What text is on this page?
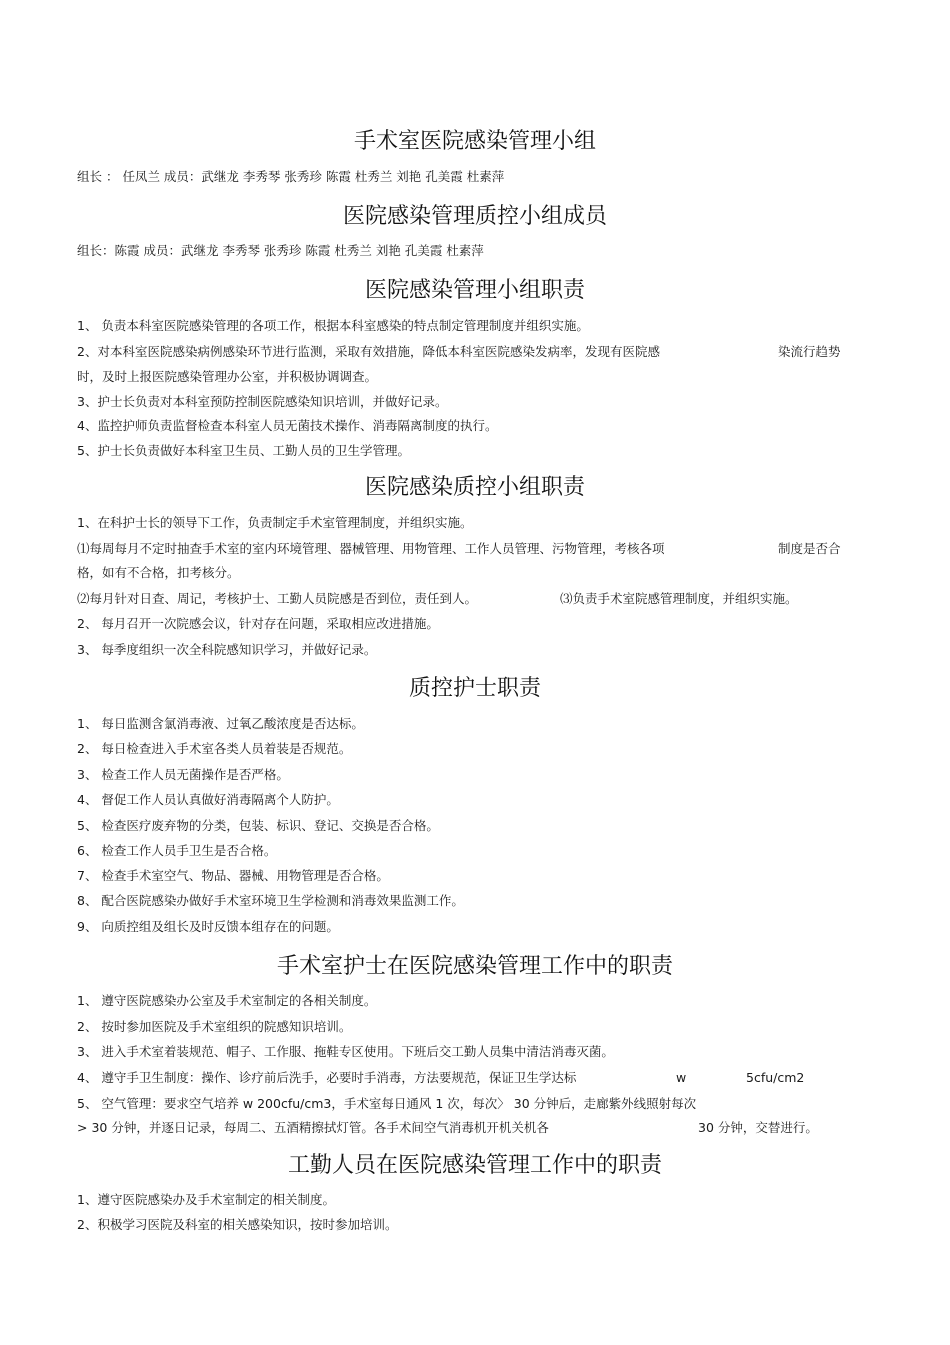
手术室医院感染管理小组
组长 ： 任凤兰 成员：武继龙 李秀琴 张秀珍 陈霞 杜秀兰 刘艳 孔美霞 杜素萍
医院感染管理质控小组成员
组长：陈霞 成员：武继龙 李秀琴 张秀珍 陈霞 杜秀兰 刘艳 孔美霞 杜素萍
医院感染管理小组职责
1、 负责本科室医院感染管理的各项工作，根据本科室感染的特点制定管理制度并组织实施。
2、对本科室医院感染病例感染环节进行监测，采取有效措施，降低本科室医院感染发病率，发现有医院感	染流行趋势
时，及时上报医院感染管理办公室，并积极协调调查。
3、护士长负责对本科室预防控制医院感染知识培训，并做好记录。
4、监控护师负责监督检查本科室人员无菌技术操作、消毒隔离制度的执行。
5、护士长负责做好本科室卫生员、工勤人员的卫生学管理。
医院感染质控小组职责
1、在科护士长的领导下工作，负责制定手术室管理制度，并组织实施。
⑴每周每月不定时抽查手术室的室内环境管理、器械管理、用物管理、工作人员管理、污物管理，考核各项	制度是否合
格，如有不合格，扣考核分。
⑵每月针对日查、周记，考核护士、工勤人员院感是否到位，责任到人。	⑶负责手术室院感管理制度，并组织实施。
2、 每月召开一次院感会议，针对存在问题，采取相应改进措施。
3、 每季度组织一次全科院感知识学习，并做好记录。
质控护士职责
1、 每日监测含氯消毒液、过氧乙酸浓度是否达标。
2、 每日检查进入手术室各类人员着装是否规范。
3、 检查工作人员无菌操作是否严格。
4、 督促工作人员认真做好消毒隔离个人防护。
5、 检查医疗废弃物的分类，包装、标识、登记、交换是否合格。
6、 检查工作人员手卫生是否合格。
7、 检查手术室空气、物品、器械、用物管理是否合格。
8、 配合医院感染办做好手术室环境卫生学检测和消毒效果监测工作。
9、 向质控组及组长及时反馈本组存在的问题。
手术室护士在医院感染管理工作中的职责
1、 遵守医院感染办公室及手术室制定的各相关制度。
2、 按时参加医院及手术室组织的院感知识培训。
3、 进入手术室着装规范、帽子、工作服、拖鞋专区使用。下班后交工勤人员集中清洁消毒灭菌。
4、 遵守手卫生制度：操作、诊疗前后洗手，必要时手消毒，方法要规范，保证卫生学达标	w	5cfu/cm2
5、 空气管理：要求空气培养 w 200cfu/cm3，手术室每日通风 1 次，每次〉 30 分钟后，走廊紫外线照射每次
> 30 分钟，并逐日记录，每周二、五酒精擦拭灯管。各手术间空气消毒机开机关机各	30 分钟，交替进行。
工勤人员在医院感染管理工作中的职责
1、遵守医院感染办及手术室制定的相关制度。
2、积极学习医院及科室的相关感染知识，按时参加培训。
